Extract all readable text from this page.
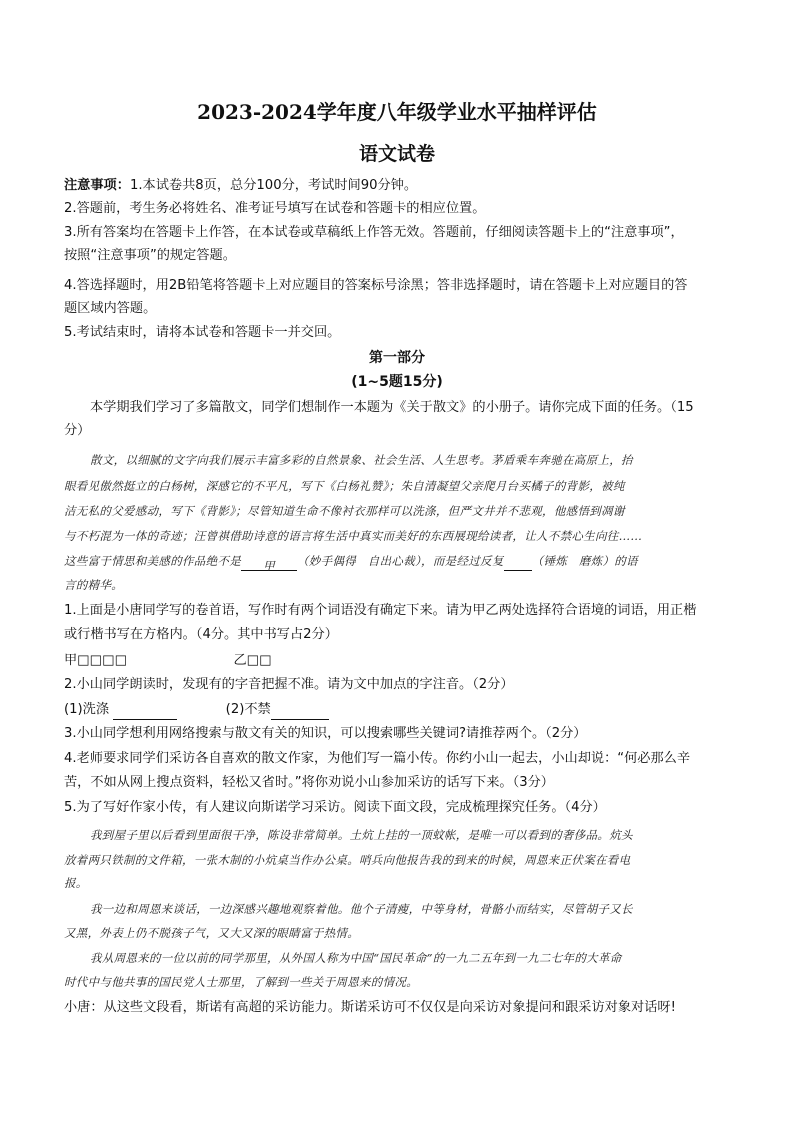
2023-2024学年度八年级学业水平抽样评估
语文试卷
注意事项：1.本试卷共8页，总分100分，考试时间90分钟。
2.答题前，考生务必将姓名、准考证号填写在试卷和答题卡的相应位置。
3.所有答案均在答题卡上作答，在本试卷或草稿纸上作答无效。答题前，仔细阅读答题卡上的“注意事项”，
按照“注意事项”的规定答题。
4.答选择题时，用2B铅笔将答题卡上对应题目的答案标号涂黑；答非选择题时，请在答题卡上对应题目的答
题区域内答题。
5.考试结束时，请将本试卷和答题卡一并交回。
第一部分
(1~5题15分)
本学期我们学习了多篇散文，同学们想制作一本题为《关于散文》的小册子。请你完成下面的任务。（15
分）
散文，以细腻的文字向我们展示丰富多彩的自然景象、社会生活、人生思考。茅盾乘车奔驰在高原上，抬
眼看见傲然挺立的白杨树，深感它的不平凡，写下《白杨礼赞》；朱自清凝望父亲爬月台买橘子的背影，被纯
洁无私的父爱感动，写下《背影》；尽管知道生命不像衬衣那样可以洗涤，但严文井并不悲观，他感悟到凋谢
与不朽混为一体的奇迹；汪曾祺借助诗意的语言将生活中真实而美好的东西展现给读者，让人不禁心生向往……
这些富于情思和美感的作品绝不是 甲 （妙手偶得　自出心裁），而是经过反复 （锤炼　磨炼）的语
言的精华。
1.上面是小唐同学写的卷首语，写作时有两个词语没有确定下来。请为甲乙两处选择符合语境的词语，用正楷
或行楷书写在方格内。（4分。其中书写占2分）
甲□□□□	乙□□
2.小山同学朗读时，发现有的字音把握不准。请为文中加点的字注音。（2分）
(1)洗涤	(2)不禁
3.小山同学想利用网络搜索与散文有关的知识，可以搜索哪些关键词?请推荐两个。（2分）
4.老师要求同学们采访各自喜欢的散文作家，为他们写一篇小传。你约小山一起去，小山却说：“何必那么辛
苦，不如从网上搜点资料，轻松又省时。”将你劝说小山参加采访的话写下来。（3分）
5.为了写好作家小传，有人建议向斯诺学习采访。阅读下面文段，完成梳理探究任务。（4分）
我到屋子里以后看到里面很干净，陈设非常简单。土炕上挂的一顶蚊帐，是唯一可以看到的奢侈品。炕头
放着两只铁制的文件箱，一张木制的小炕桌当作办公桌。哨兵向他报告我的到来的时候，周恩来正伏案在看电
报。
我一边和周恩来谈话，一边深感兴趣地观察着他。他个子清瘦，中等身材，骨骼小而结实，尽管胡子又长
又黑，外表上仍不脱孩子气，又大又深的眼睛富于热情。
我从周恩来的一位以前的同学那里，从外国人称为中国“国民革命”的一九二五年到一九二七年的大革命
时代中与他共事的国民党人士那里，了解到一些关于周恩来的情况。
小唐：从这些文段看，斯诺有高超的采访能力。斯诺采访可不仅仅是向采访对象提问和跟采访对象对话呀!
